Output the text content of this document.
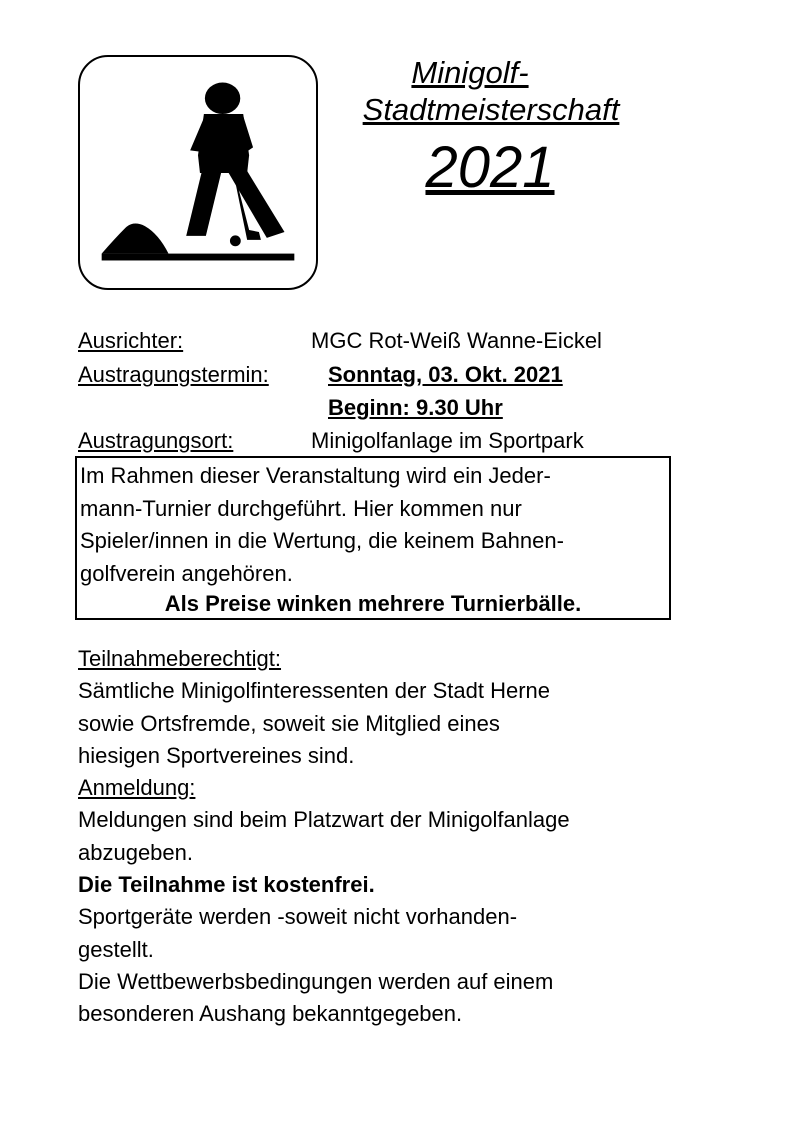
Minigolf-
Stadtmeisterschaft
2021
Ausrichter:	MGC Rot-Weiß Wanne-Eickel
Austragungstermin:	Sonntag, 03. Okt. 2021
Beginn: 9.30 Uhr
Austragungsort:	Minigolfanlage im Sportpark
Im Rahmen dieser Veranstaltung wird ein Jeder-
mann-Turnier durchgeführt. Hier kommen nur
Spieler/innen in die Wertung, die keinem Bahnen-
golfverein angehören.
Als Preise winken mehrere Turnierbälle.
Teilnahmeberechtigt:
Sämtliche Minigolfinteressenten der Stadt Herne
sowie Ortsfremde, soweit sie Mitglied eines
hiesigen Sportvereines sind.
Anmeldung:
Meldungen sind beim Platzwart der Minigolfanlage
abzugeben.
Die Teilnahme ist kostenfrei.
Sportgeräte werden -soweit nicht vorhanden-
gestellt.
Die Wettbewerbsbedingungen werden auf einem
besonderen Aushang bekanntgegeben.
